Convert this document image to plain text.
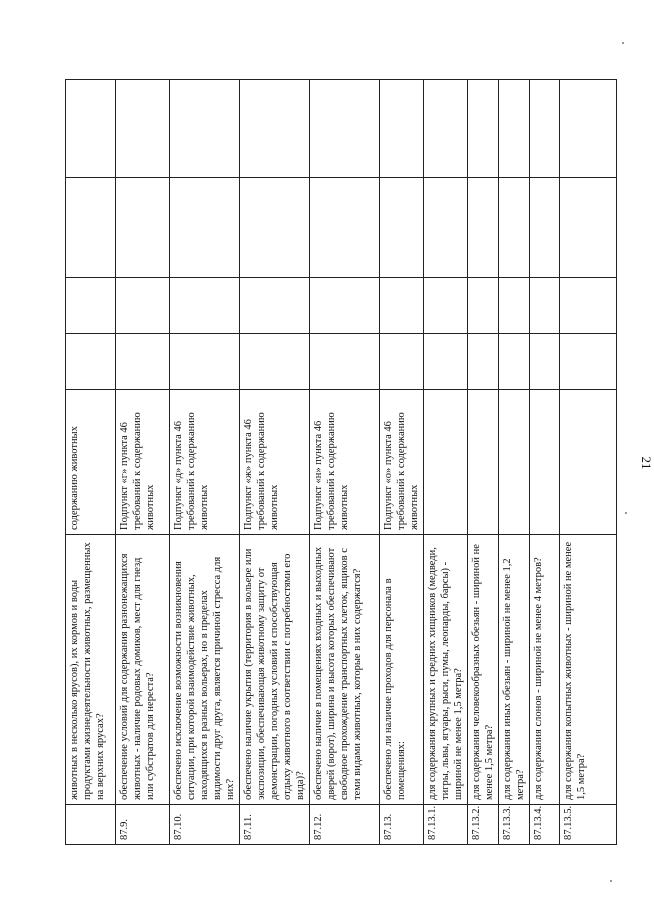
21
	животных в несколько ярусов), их кормов и воды продуктами жизнедеятельности животных, размещенных на верхних ярусах?	содержанию животных				
87.9.	обеспечение условий для содержания разнонежащихся животных - наличие родовых домиков, мест для гнезд или субстратов для нереста?	Подпункт «г» пункта 46 требований к содержанию животных				
87.10.	обеспечено исключение возможности возникновения ситуации, при которой взаимодействие животных, находящихся в разных вольерах, но в пределах видимости друг друга, является причиной стресса для них?	Подпункт «д» пункта 46 требований к содержанию животных				
87.11.	обеспечено наличие укрытия (территория в вольере или экспозиции, обеспечивающая животному защиту от демонстрации, погодных условий и способствующая отдыху животного в соответствии с потребностями его вида)?	Подпункт «ж» пункта 46 требований к содержанию животных				
87.12.	обеспечено наличие в помещениях входных и выходных дверей (ворот), ширина и высота которых обеспечивают свободное прохождение транспортных клеток, ящиков с теми видами животных, которые в них содержатся?	Подпункт «н» пункта 46 требований к содержанию животных				
87.13.	обеспечено ли наличие проходов для персонала в помещениях:	Подпункт «о» пункта 46 требований к содержанию животных				
87.13.1.	для содержания крупных и средних хищников (медведи, тигры, львы, ягуары, рыси, пумы, леопарды, барсы) - шириной не менее 1,5 метра?					
87.13.2.	для содержания человекообразных обезьян - шириной не менее 1,5 метра?					
87.13.3.	для содержания иных обезьян - шириной не менее 1,2 метра?					
87.13.4.	для содержания слонов - шириной не менее 4 метров?					
87.13.5.	для содержания копытных животных - шириной не менее 1,5 метра?					
